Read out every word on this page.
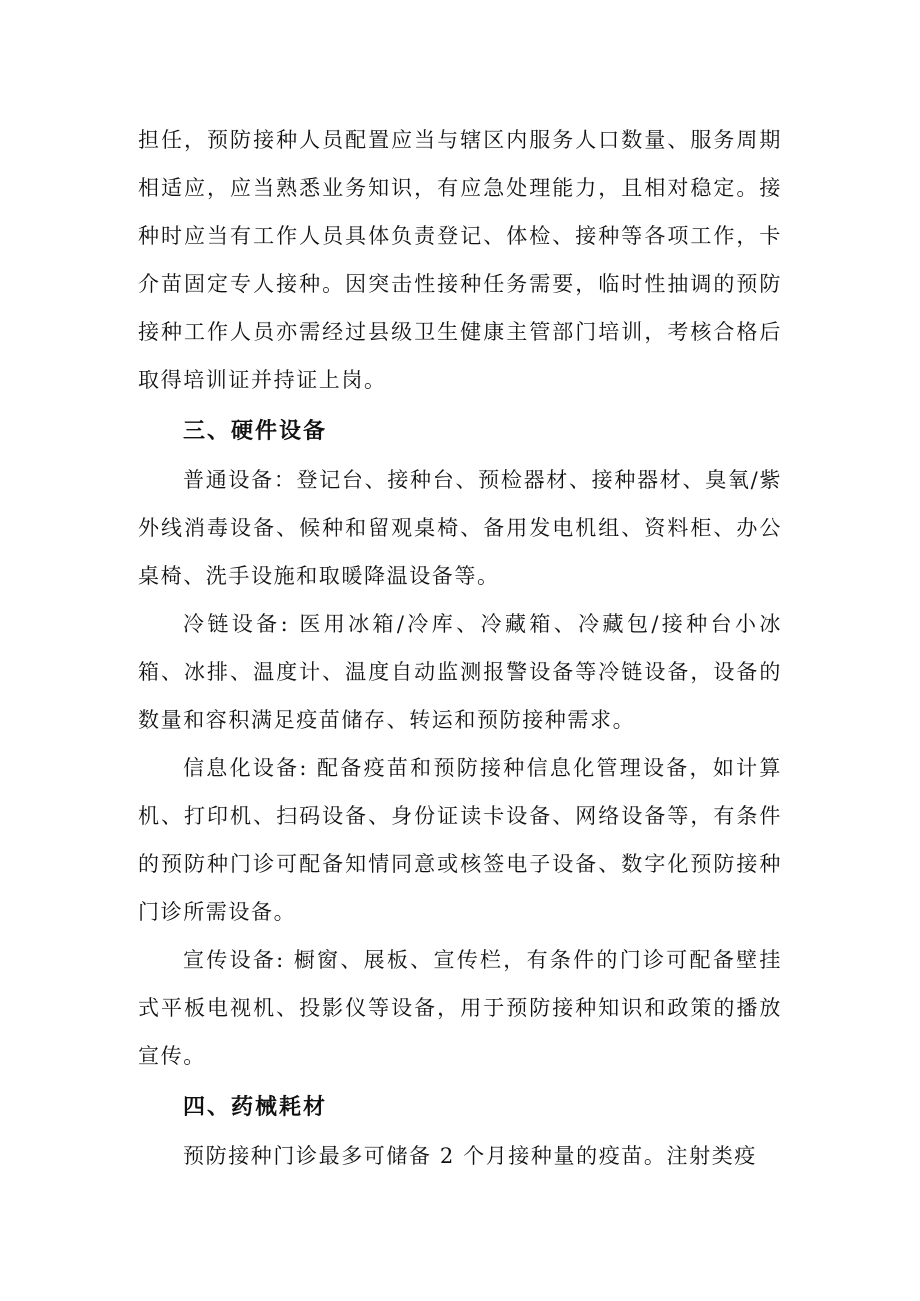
担任，预防接种人员配置应当与辖区内服务人口数量、服务周期相适应，应当熟悉业务知识，有应急处理能力，且相对稳定。接种时应当有工作人员具体负责登记、体检、接种等各项工作，卡介苗固定专人接种。因突击性接种任务需要，临时性抽调的预防接种工作人员亦需经过县级卫生健康主管部门培训，考核合格后取得培训证并持证上岗。

三、硬件设备

普通设备：登记台、接种台、预检器材、接种器材、臭氧/紫外线消毒设备、候种和留观桌椅、备用发电机组、资料柜、办公桌椅、洗手设施和取暖降温设备等。

冷链设备: 医用冰箱/冷库、冷藏箱、冷藏包/接种台小冰箱、冰排、温度计、温度自动监测报警设备等冷链设备，设备的数量和容积满足疫苗储存、转运和预防接种需求。

信息化设备: 配备疫苗和预防接种信息化管理设备，如计算机、打印机、扫码设备、身份证读卡设备、网络设备等，有条件的预防种门诊可配备知情同意或核签电子设备、数字化预防接种门诊所需设备。

宣传设备: 橱窗、展板、宣传栏，有条件的门诊可配备壁挂式平板电视机、投影仪等设备，用于预防接种知识和政策的播放宣传。

四、药械耗材

预防接种门诊最多可储备 2 个月接种量的疫苗。注射类疫
